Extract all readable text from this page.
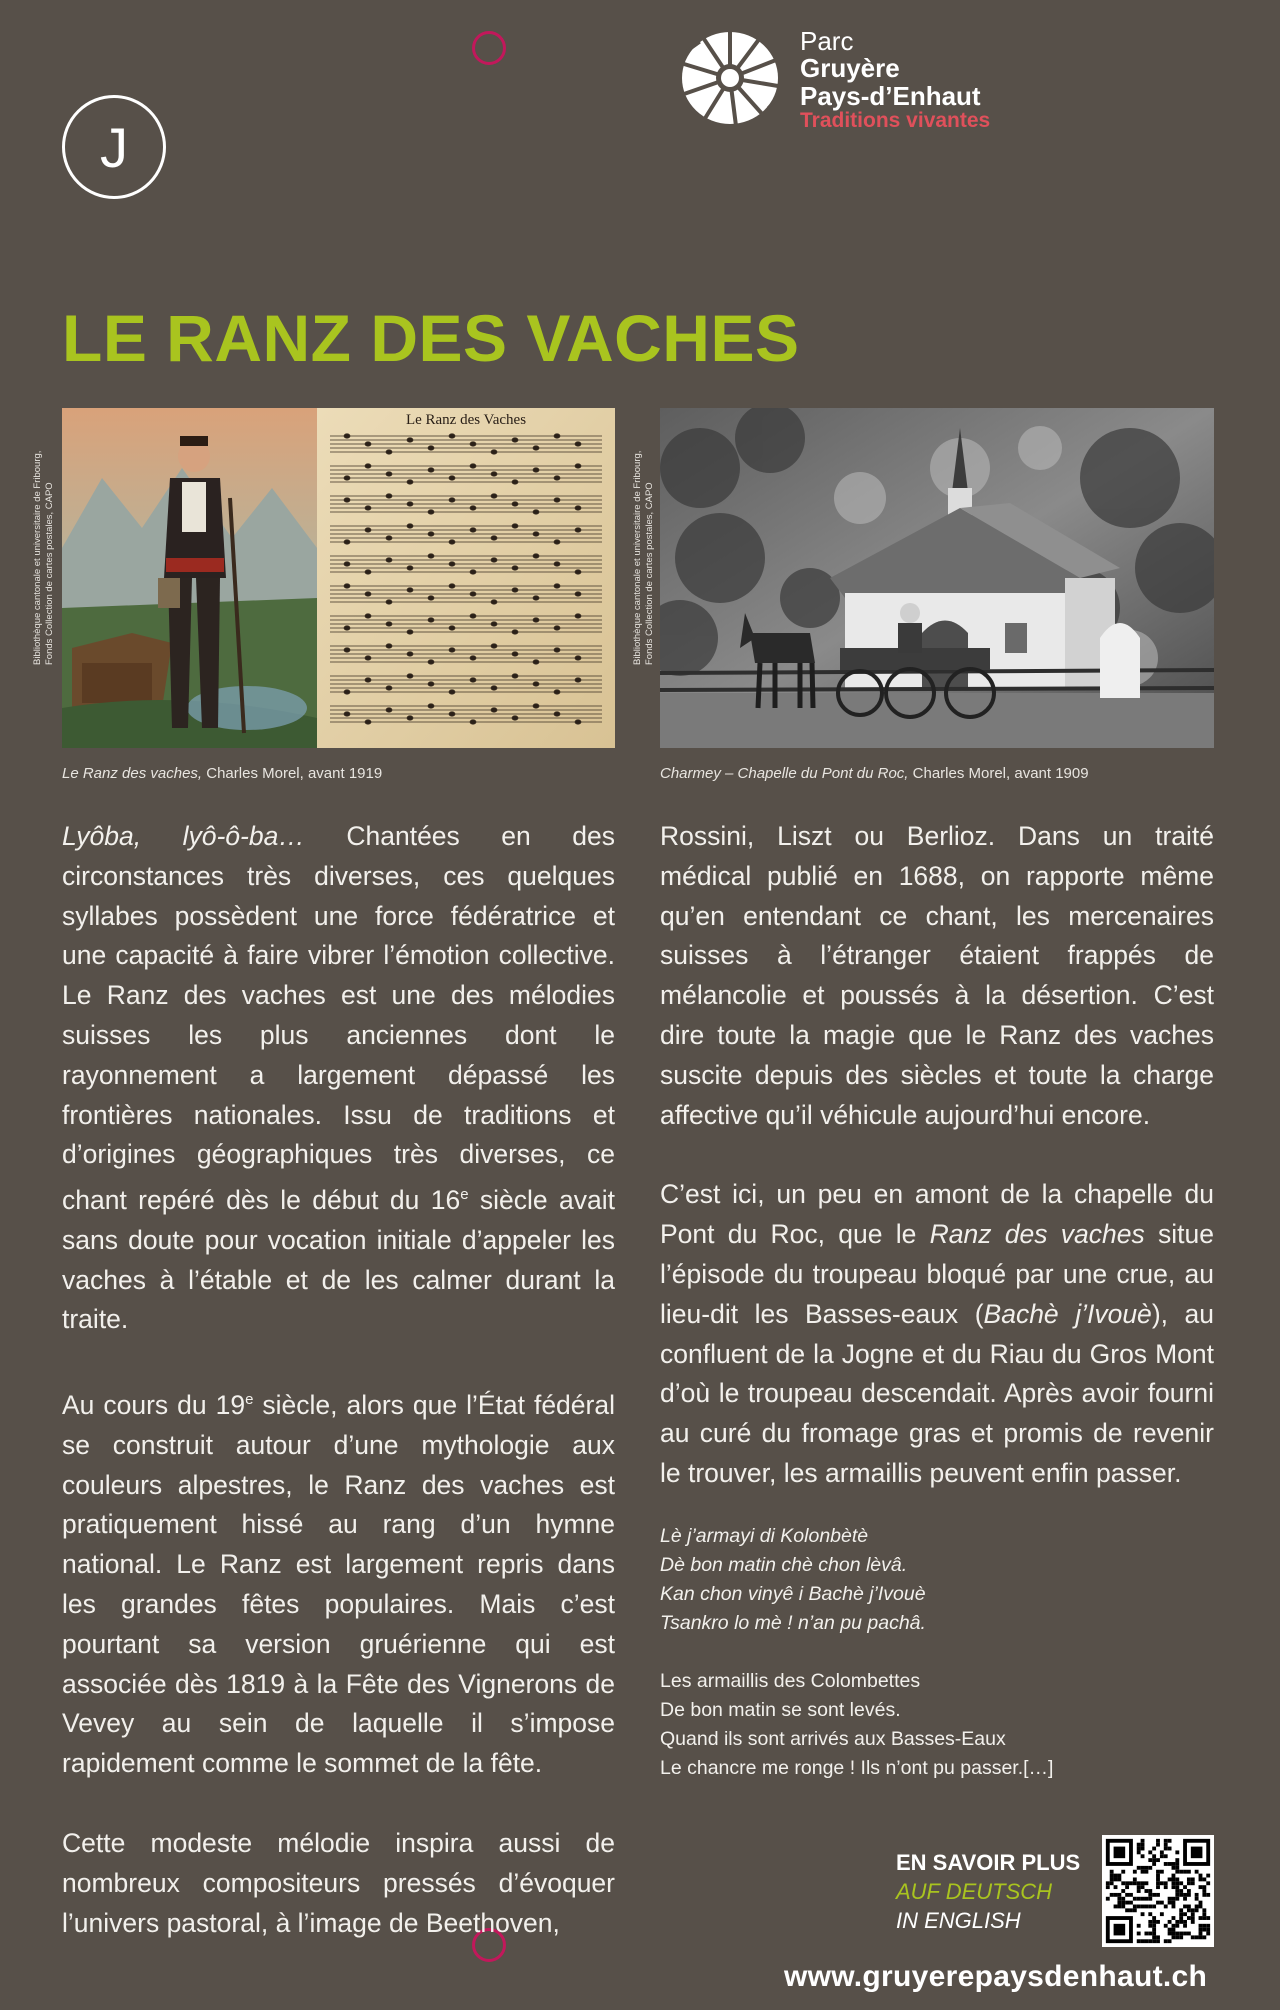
J
Parc
Gruyère
Pays-d’Enhaut
Traditions vivantes
LE RANZ DES VACHES
Bibliothèque cantonale et universitaire de Fribourg, Fonds Collection de cartes postales, CAPO	Bibliothèque cantonale et universitaire de Fribourg, Fonds Collection de cartes postales, CAPO
Le Ranz des Vaches
Le Ranz des vaches, Charles Morel, avant 1919	Charmey – Chapelle du Pont du Roc, Charles Morel, avant 1909

Lyôba, lyô-ô-ba… Chantées en des circonstances très diverses, ces quelques syllabes possèdent une force fédératrice et une capacité à faire vibrer l’émotion collective. Le Ranz des vaches est une des mélodies suisses les plus anciennes dont le rayonnement a largement dépassé les frontières nationales. Issu de traditions et d’origines géographiques très diverses, ce chant repéré dès le début du 16e siècle avait sans doute pour vocation initiale d’appeler les vaches à l’étable et de les calmer durant la traite.

Au cours du 19e siècle, alors que l’État fédéral se construit autour d’une mythologie aux couleurs alpestres, le Ranz des vaches est pratiquement hissé au rang d’un hymne national. Le Ranz est largement repris dans les grandes fêtes populaires. Mais c’est pourtant sa version gruérienne qui est associée dès 1819 à la Fête des Vignerons de Vevey au sein de laquelle il s’impose rapidement comme le sommet de la fête.

Cette modeste mélodie inspira aussi de nombreux compositeurs pressés d’évoquer l’univers pastoral, à l’image de Beethoven,

Rossini, Liszt ou Berlioz. Dans un traité médical publié en 1688, on rapporte même qu’en entendant ce chant, les mercenaires suisses à l’étranger étaient frappés de mélancolie et poussés à la désertion. C’est dire toute la magie que le Ranz des vaches suscite depuis des siècles et toute la charge affective qu’il véhicule aujourd’hui encore.

C’est ici, un peu en amont de la chapelle du Pont du Roc, que le Ranz des vaches situe l’épisode du troupeau bloqué par une crue, au lieu-dit les Basses-eaux (Bachè j’Ivouè), au confluent de la Jogne et du Riau du Gros Mont d’où le troupeau descendait. Après avoir fourni au curé du fromage gras et promis de revenir le trouver, les armaillis peuvent enfin passer.

Lè j’armayi di Kolonbètè
Dè bon matin chè chon lèvâ.
Kan chon vinyê i Bachè j’Ivouè
Tsankro lo mè ! n’an pu pachâ.

Les armaillis des Colombettes
De bon matin se sont levés.
Quand ils sont arrivés aux Basses-Eaux
Le chancre me ronge ! Ils n’ont pu passer.[…]

EN SAVOIR PLUS
AUF DEUTSCH
IN ENGLISH
www.gruyerepaysdenhaut.ch
